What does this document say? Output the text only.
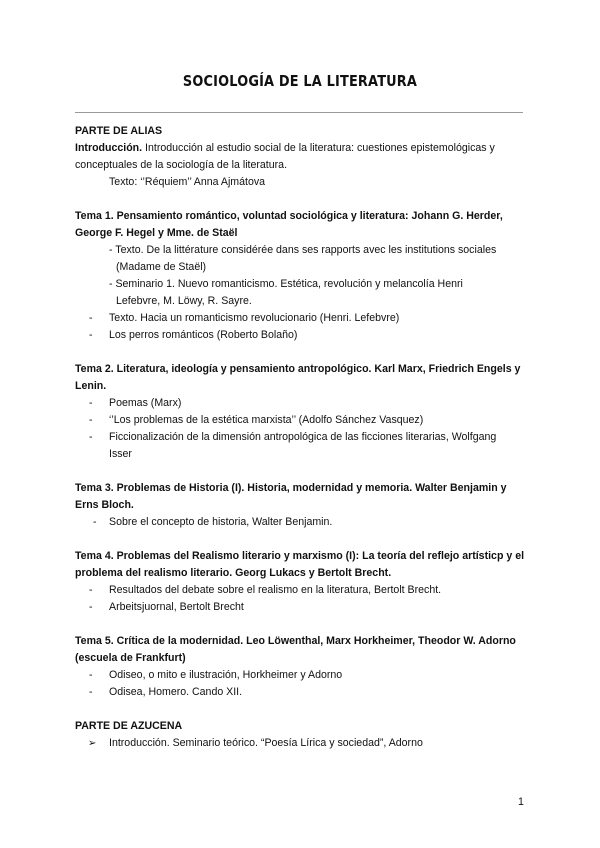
SOCIOLOGÍA DE LA LITERATURA
PARTE DE ALIAS
Introducción. Introducción al estudio social de la literatura: cuestiones epistemológicas y
conceptuales de la sociología de la literatura.
Texto: ‘’Réquiem’’ Anna Ajmátova
Tema 1. Pensamiento romántico, voluntad sociológica y literatura: Johann G. Herder,
George F. Hegel y Mme. de Staël
- Texto. De la littérature considérée dans ses rapports avec les institutions sociales
(Madame de Staël)
- Seminario 1. Nuevo romanticismo. Estética, revolución y melancolía Henri
Lefebvre, M. Löwy, R. Sayre.
-	Texto. Hacia un romanticismo revolucionario (Henri. Lefebvre)
-	Los perros románticos (Roberto Bolaño)
Tema 2. Literatura, ideología y pensamiento antropológico. Karl Marx, Friedrich Engels y
Lenin.
-	Poemas (Marx)
-	‘’Los problemas de la estética marxista’’ (Adolfo Sánchez Vasquez)
-	Ficcionalización de la dimensión antropológica de las ficciones literarias, Wolfgang
Isser
Tema 3. Problemas de Historia (I). Historia, modernidad y memoria. Walter Benjamin y
Erns Bloch.
- Sobre el concepto de historia, Walter Benjamin.
Tema 4. Problemas del Realismo literario y marxismo (I): La teoría del reflejo artísticp y el
problema del realismo literario. Georg Lukacs y Bertolt Brecht.
-	Resultados del debate sobre el realismo en la literatura, Bertolt Brecht.
-	Arbeitsjuornal, Bertolt Brecht
Tema 5. Crítica de la modernidad. Leo Löwenthal, Marx Horkheimer, Theodor W. Adorno
(escuela de Frankfurt)
-	Odiseo, o mito e ilustración, Horkheimer y Adorno
-	Odisea, Homero. Cando XII.
PARTE DE AZUCENA
➢ Introducción. Seminario teórico. “Poesía Lírica y sociedad”, Adorno
1
